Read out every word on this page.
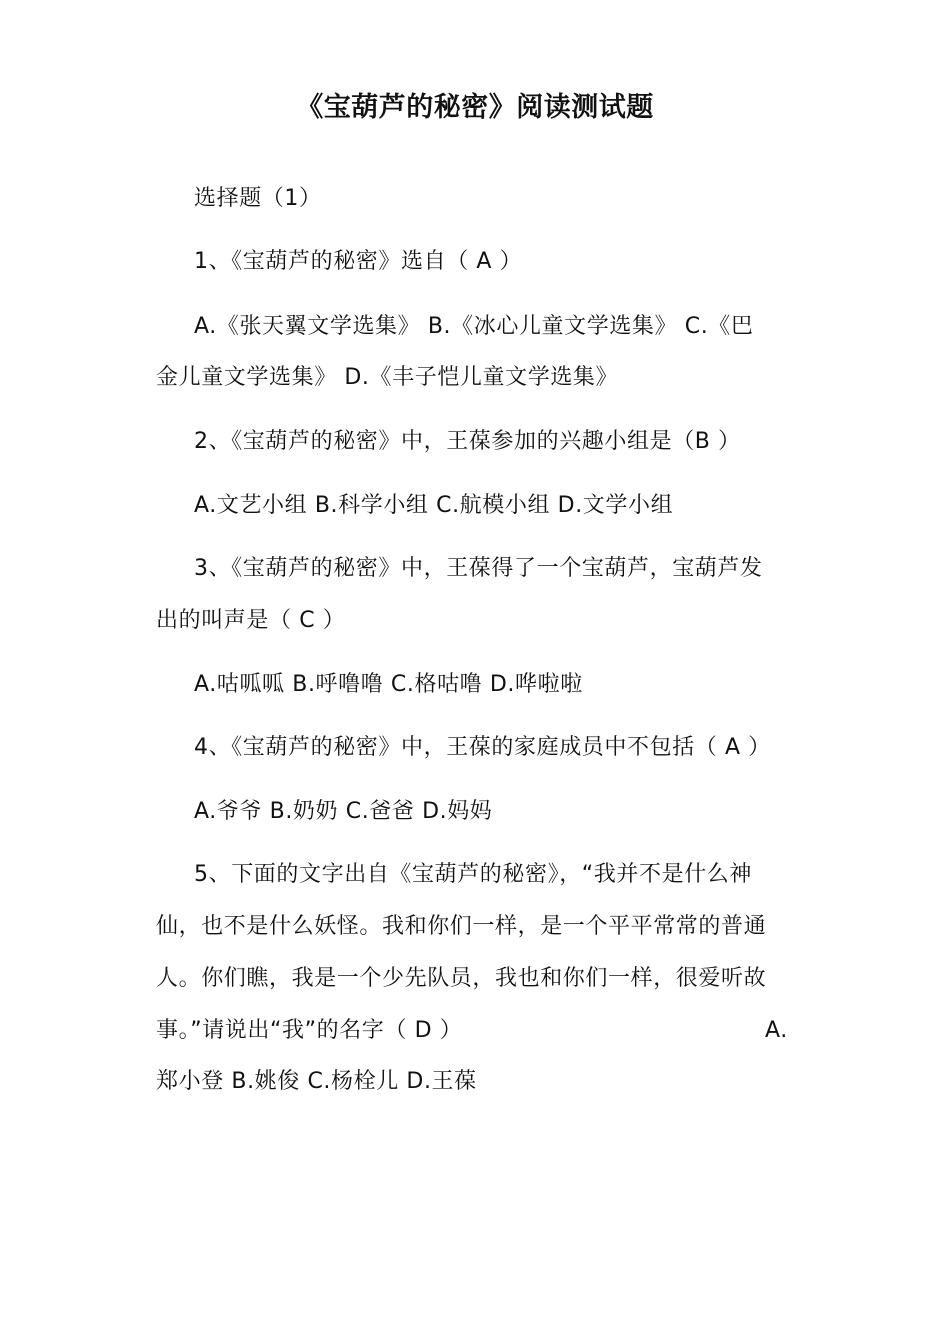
《宝葫芦的秘密》阅读测试题
选择题（1）
1、《宝葫芦的秘密》选自（ A ）
A.《张天翼文学选集》 B.《冰心儿童文学选集》 C.《巴
金儿童文学选集》 D.《丰子恺儿童文学选集》
2、《宝葫芦的秘密》中，王葆参加的兴趣小组是（B ）
A.文艺小组 B.科学小组 C.航模小组 D.文学小组
3、《宝葫芦的秘密》中，王葆得了一个宝葫芦，宝葫芦发
出的叫声是（ C ）
A.咕呱呱 B.呼噜噜 C.格咕噜 D.哗啦啦
4、《宝葫芦的秘密》中，王葆的家庭成员中不包括（ A ）
A.爷爷 B.奶奶 C.爸爸 D.妈妈
5、下面的文字出自《宝葫芦的秘密》，“我并不是什么神
仙，也不是什么妖怪。我和你们一样，是一个平平常常的普通
人。你们瞧，我是一个少先队员，我也和你们一样，很爱听故
事。”请说出“我”的名字（ D ）	A.
郑小登 B.姚俊 C.杨栓儿 D.王葆
